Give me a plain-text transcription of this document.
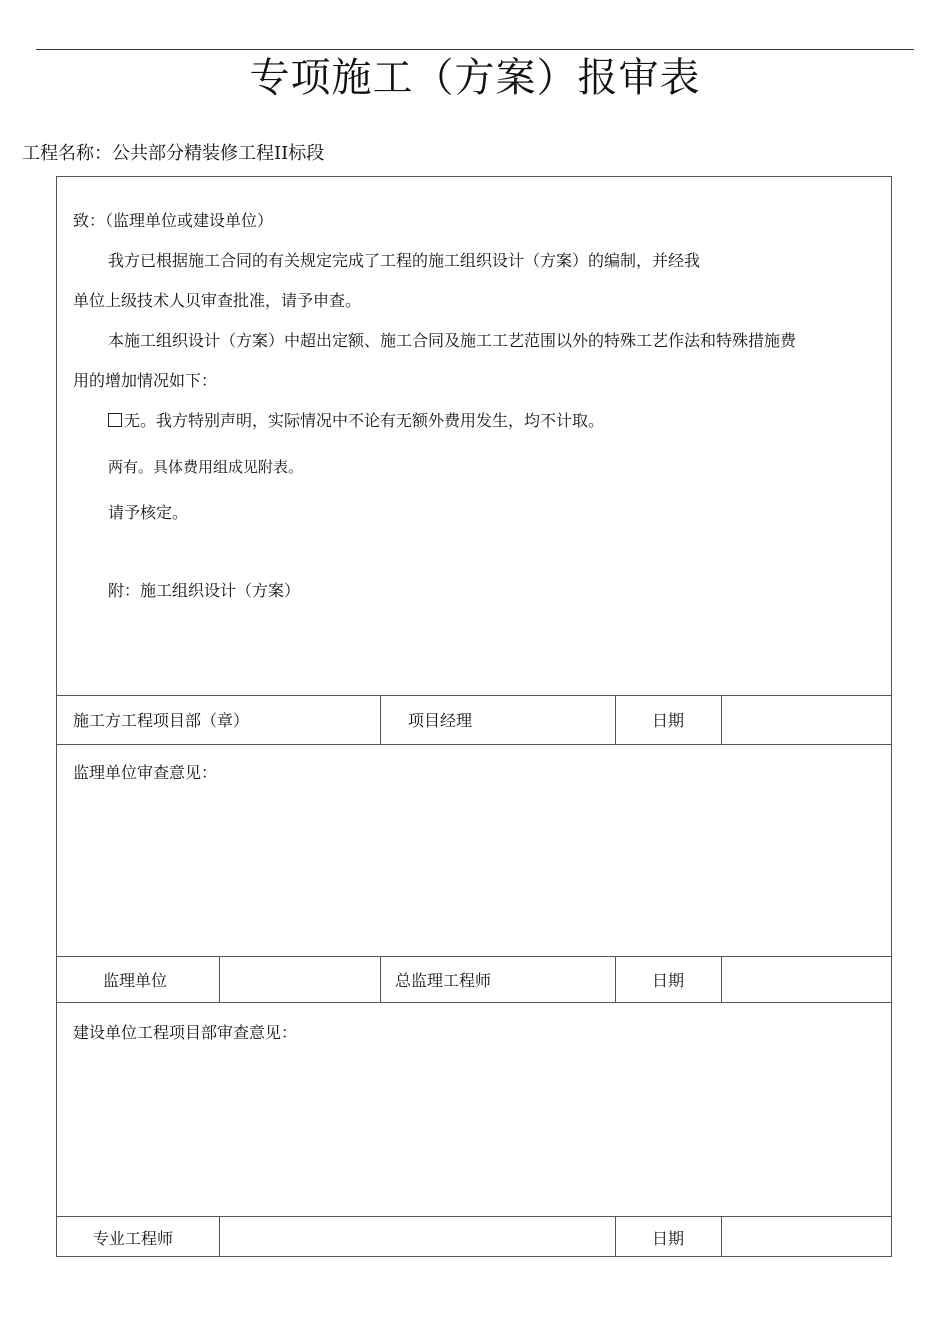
专项施工（方案）报审表
工程名称：公共部分精装修工程II标段
致：（监理单位或建设单位）
我方已根据施工合同的有关规定完成了工程的施工组织设计（方案）的编制，并经我
单位上级技术人贝审查批准，请予申查。
本施工组织设计（方案）中超出定额、施工合同及施工工艺范围以外的特殊工艺作法和特殊措施费
用的增加情况如下：
无。我方特别声明，实际情况中不论有无额外费用发生，均不计取。
两有。具体费用组成见附表。
请予核定。
附：施工组织设计（方案）
施工方工程项目部（章）	项目经理	日期
监理单位审查意见：
监理单位	总监理工程师	日期
建设单位工程项目部审查意见：
专业工程师	日期
